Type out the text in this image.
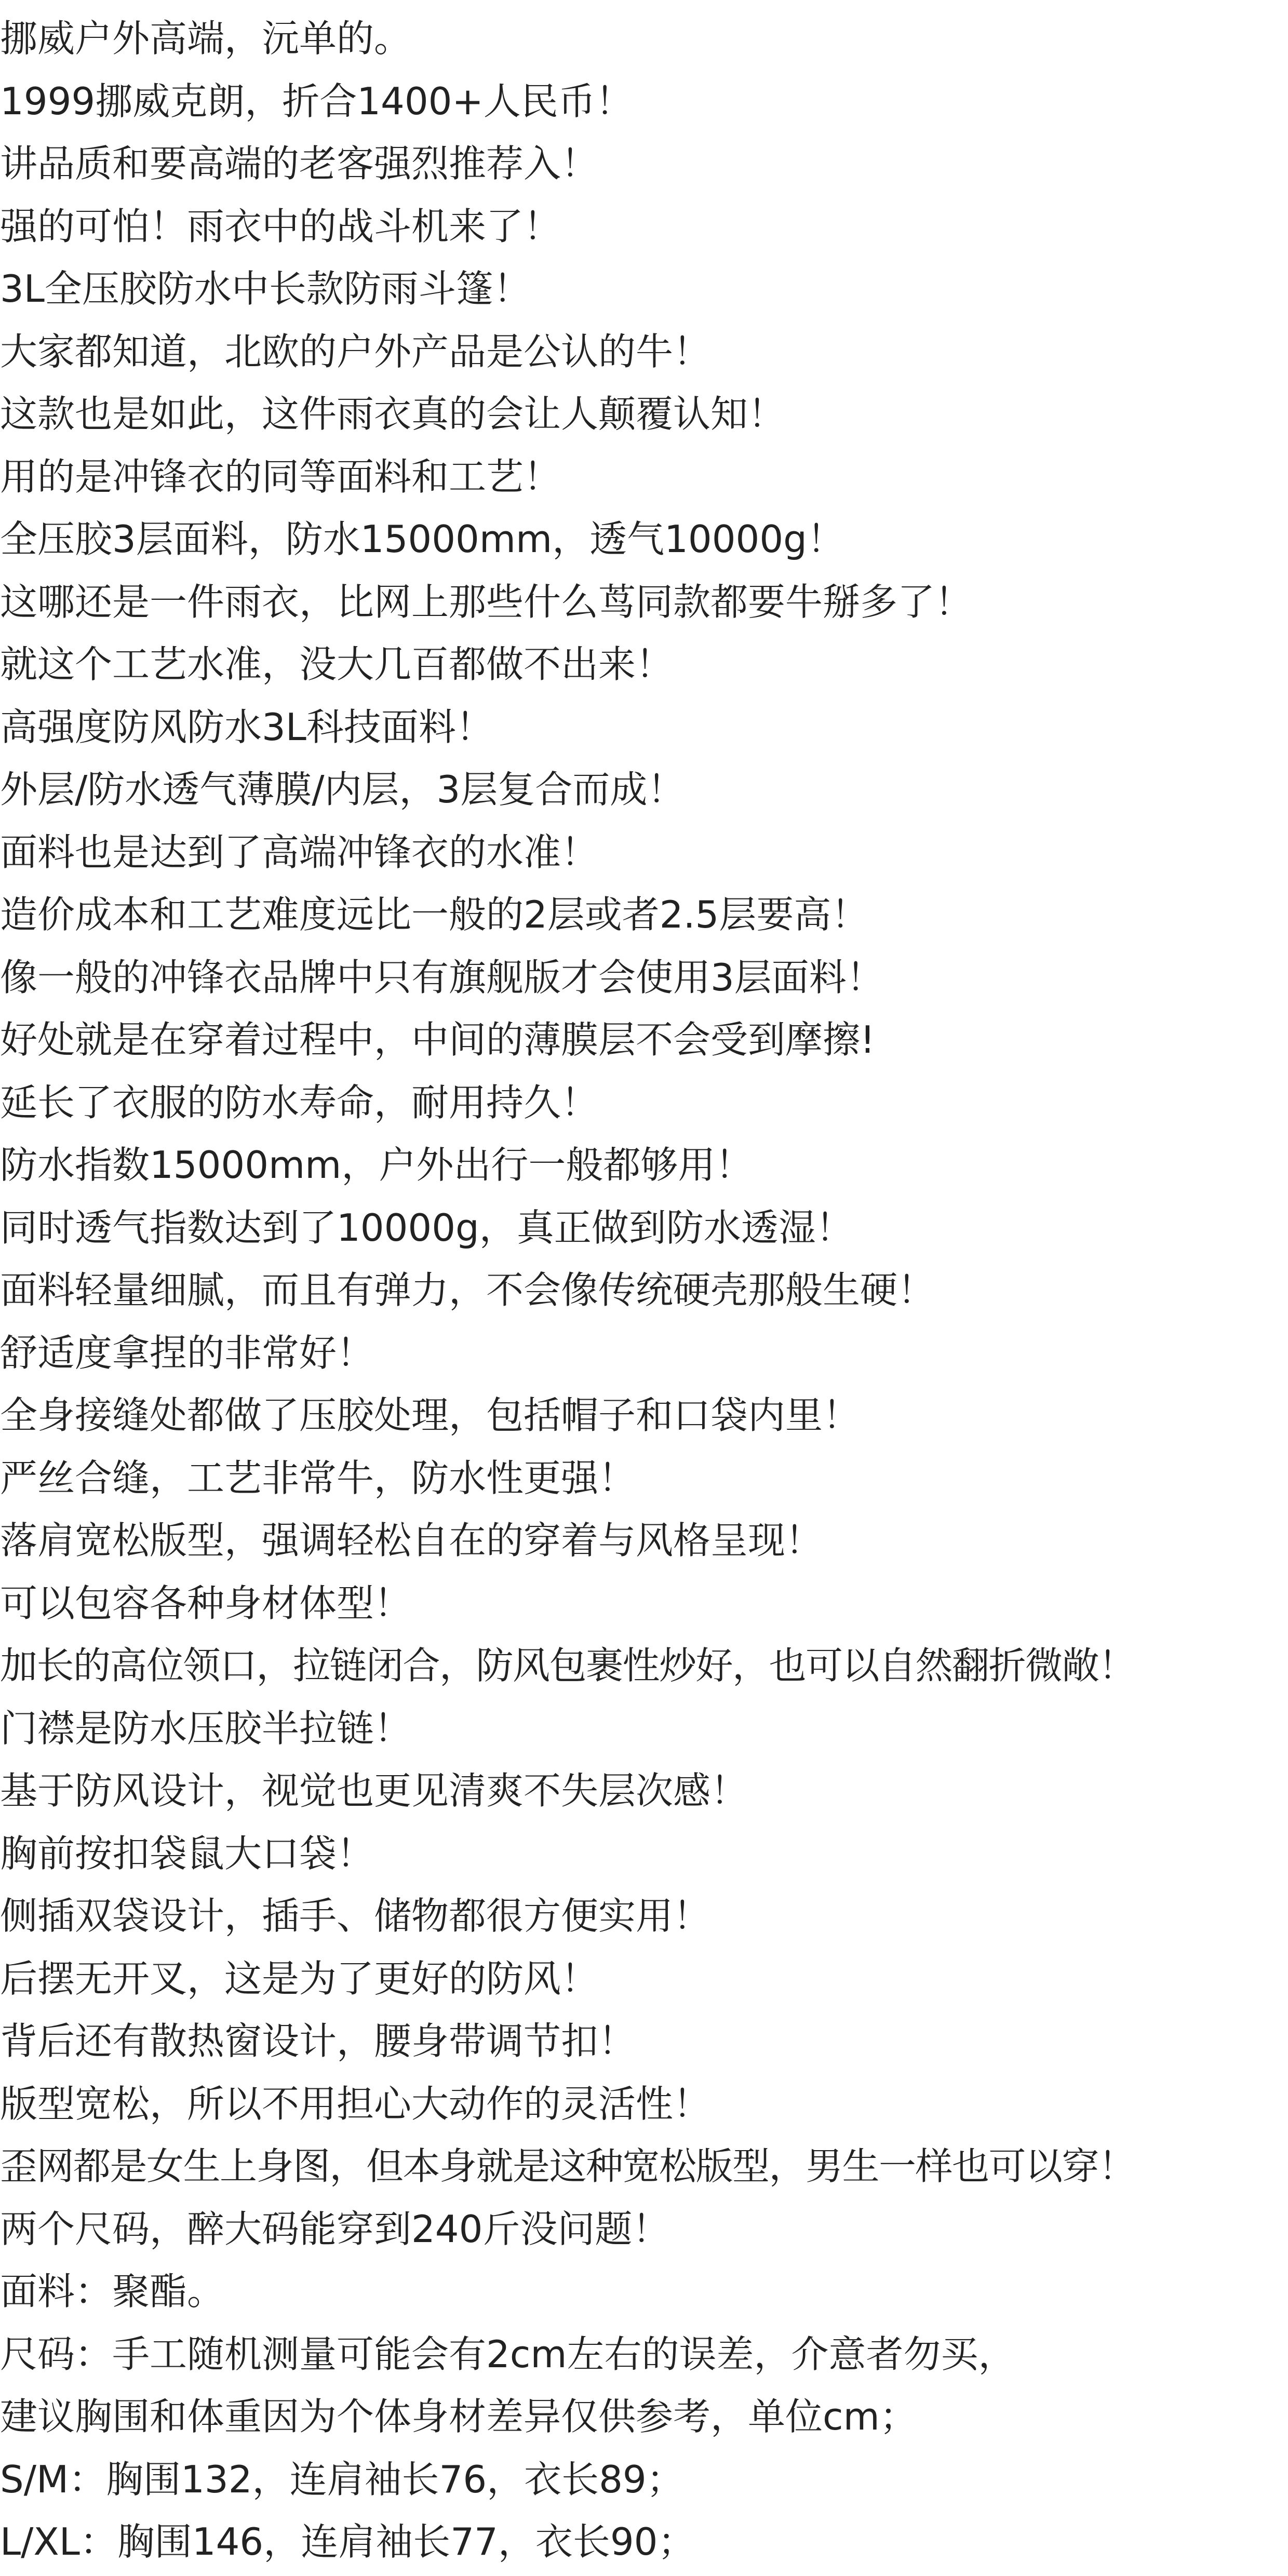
挪威户外高端，沅单的。
1999挪威克朗，折合1400+人民币！
讲品质和要高端的老客强烈推荐入！
强的可怕！雨衣中的战斗机来了！
3L全压胶防水中长款防雨斗篷！
大家都知道，北欧的户外产品是公认的牛！
这款也是如此，这件雨衣真的会让人颠覆认知！
用的是冲锋衣的同等面料和工艺！
全压胶3层面料，防水15000mm，透气10000g！
这哪还是一件雨衣，比网上那些什么茑同款都要牛掰多了！
就这个工艺水准，没大几百都做不出来！
高强度防风防水3L科技面料！
外层/防水透气薄膜/内层，3层复合而成！
面料也是达到了高端冲锋衣的水准！
造价成本和工艺难度远比一般的2层或者2.5层要高！
像一般的冲锋衣品牌中只有旗舰版才会使用3层面料！
好处就是在穿着过程中，中间的薄膜层不会受到摩擦!
延长了衣服的防水寿命，耐用持久！
防水指数15000mm，户外出行一般都够用！
同时透气指数达到了10000g，真正做到防水透湿！
面料轻量细腻，而且有弹力，不会像传统硬壳那般生硬！
舒适度拿捏的非常好！
全身接缝处都做了压胶处理，包括帽子和口袋内里！
严丝合缝，工艺非常牛，防水性更强！
落肩宽松版型，强调轻松自在的穿着与风格呈现！
可以包容各种身材体型！
加长的高位领口，拉链闭合，防风包裹性炒好，也可以自然翻折微敞！
门襟是防水压胶半拉链！
基于防风设计，视觉也更见清爽不失层次感！
胸前按扣袋鼠大口袋！
侧插双袋设计，插手、储物都很方便实用！
后摆无开叉，这是为了更好的防风！
背后还有散热窗设计，腰身带调节扣！
版型宽松，所以不用担心大动作的灵活性！
歪网都是女生上身图，但本身就是这种宽松版型，男生一样也可以穿！
两个尺码，醉大码能穿到240斤没问题！
面料：聚酯。
尺码：手工随机测量可能会有2cm左右的误差，介意者勿买，
建议胸围和体重因为个体身材差异仅供参考，单位cm；
S/M：胸围132，连肩袖长76，衣长89；
L/XL：胸围146，连肩袖长77，衣长90；
